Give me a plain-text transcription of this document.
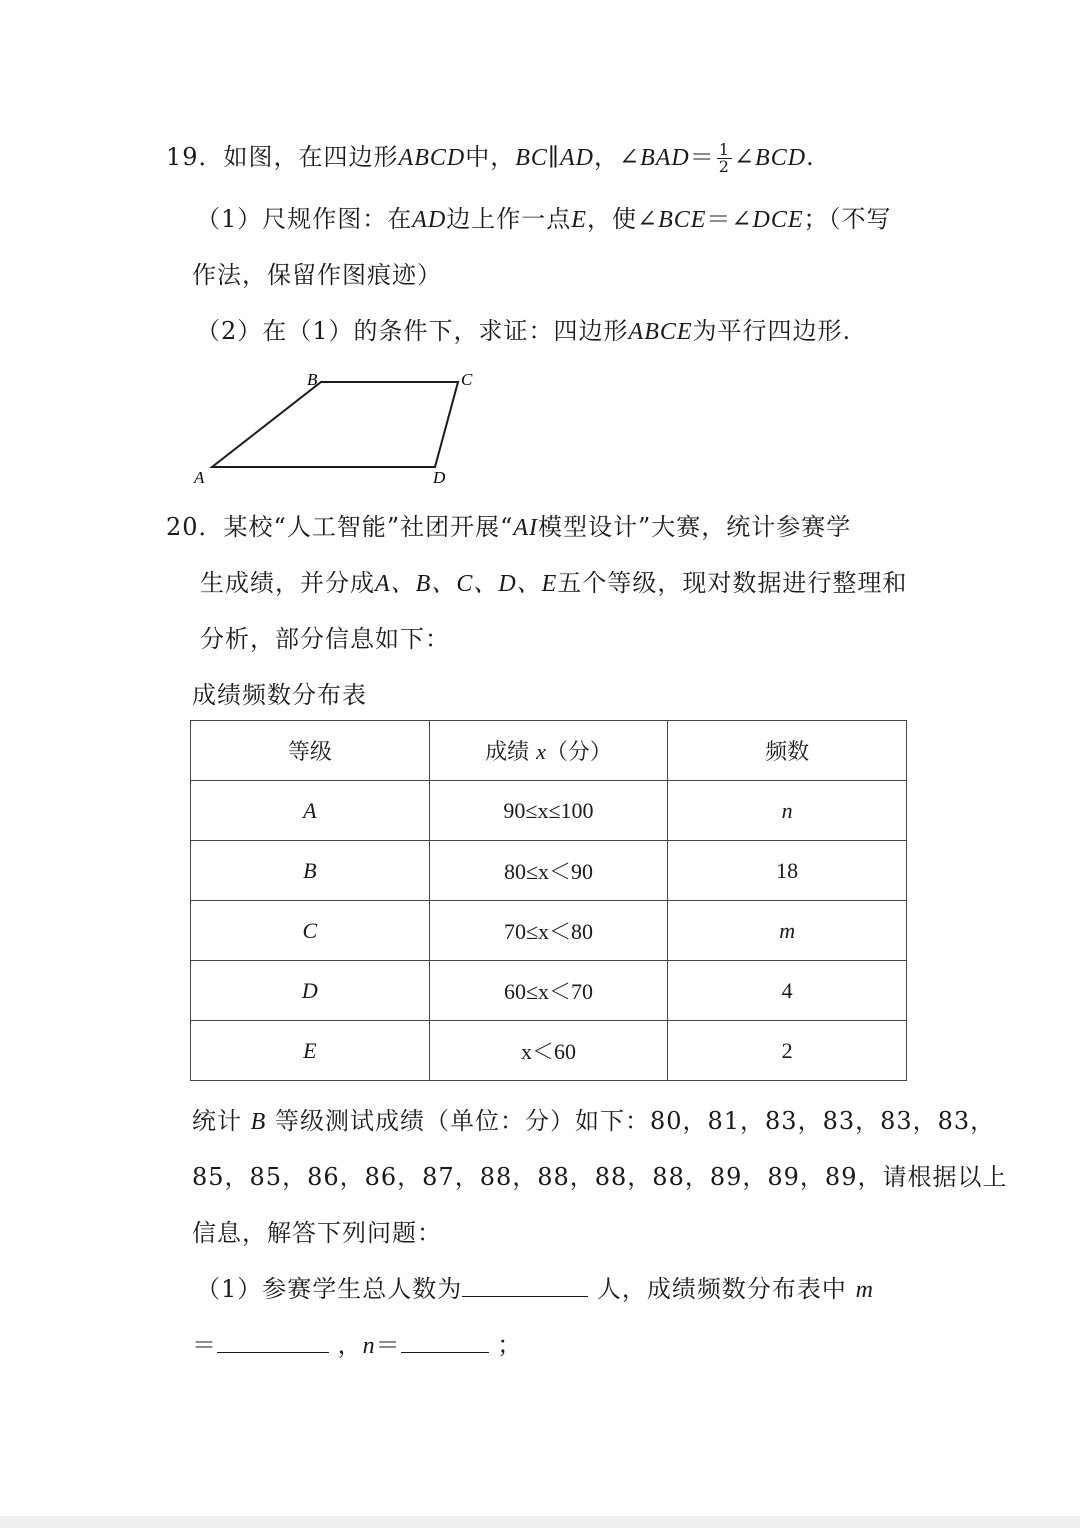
19．如图，在四边形ABCD中，BC∥AD，∠BAD＝ $\frac{1}{2}$ ∠BCD.
（1）尺规作图：在AD边上作一点E，使∠BCE＝∠DCE；（不写
作法，保留作图痕迹）
（2）在（1）的条件下，求证：四边形ABCE为平行四边形.
A
B	C
D
20．某校“人工智能”社团开展“AI模型设计”大赛，统计参赛学
生成绩，并分成A、B、C、D、E五个等级，现对数据进行整理和
分析，部分信息如下：
成绩频数分布表
等级	成绩 x（分）	频数
A	90≤x≤100	n
B	80≤x＜90	18
C	70≤x＜80	m
D	60≤x＜70	4
E	x＜60	2
统计 B 等级测试成绩（单位：分）如下：80，81，83，83，83，83，
85，85，86，86，87，88，88，88，88，89，89，89，请根据以上
信息，解答下列问题：
（1）参赛学生总人数为	人，成绩频数分布表中 m
＝	，n＝	；
